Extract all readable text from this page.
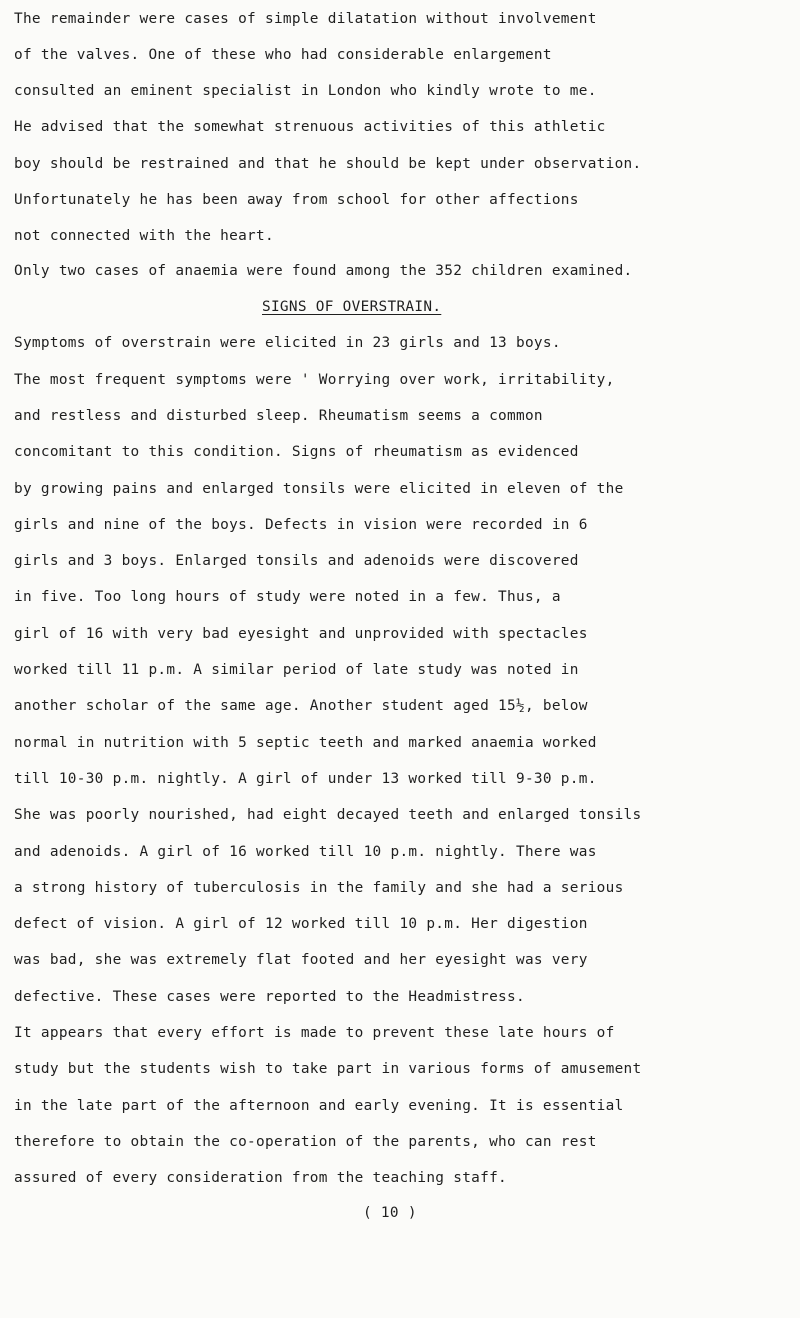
The remainder were cases of simple dilatation without involvement

of the valves. One of these who had considerable enlargement

consulted an eminent specialist in London who kindly wrote to me.

He advised that the somewhat strenuous activities of this athletic

boy should be restrained and that he should be kept under observation.

Unfortunately he has been away from school for other affections

not connected with the heart.

Only two cases of anaemia were found among the 352 children examined.

SIGNS OF OVERSTRAIN.

Symptoms of overstrain were elicited in 23 girls and 13 boys.

The most frequent symptoms were ' Worrying over work, irritability,

and restless and disturbed sleep. Rheumatism seems a common

concomitant to this condition. Signs of rheumatism as evidenced

by growing pains and enlarged tonsils were elicited in eleven of the

girls and nine of the boys. Defects in vision were recorded in 6

girls and 3 boys. Enlarged tonsils and adenoids were discovered

in five. Too long hours of study were noted in a few. Thus, a

girl of 16 with very bad eyesight and unprovided with spectacles

worked till 11 p.m. A similar period of late study was noted in

another scholar of the same age. Another student aged 15½, below

normal in nutrition with 5 septic teeth and marked anaemia worked

till 10-30 p.m. nightly. A girl of under 13 worked till 9-30 p.m.

She was poorly nourished, had eight decayed teeth and enlarged tonsils

and adenoids. A girl of 16 worked till 10 p.m. nightly. There was

a strong history of tuberculosis in the family and she had a serious

defect of vision. A girl of 12 worked till 10 p.m. Her digestion

was bad, she was extremely flat footed and her eyesight was very

defective. These cases were reported to the Headmistress.

It appears that every effort is made to prevent these late hours of

study but the students wish to take part in various forms of amusement

in the late part of the afternoon and early evening. It is essential

therefore to obtain the co-operation of the parents, who can rest

assured of every consideration from the teaching staff.

( 10 )
